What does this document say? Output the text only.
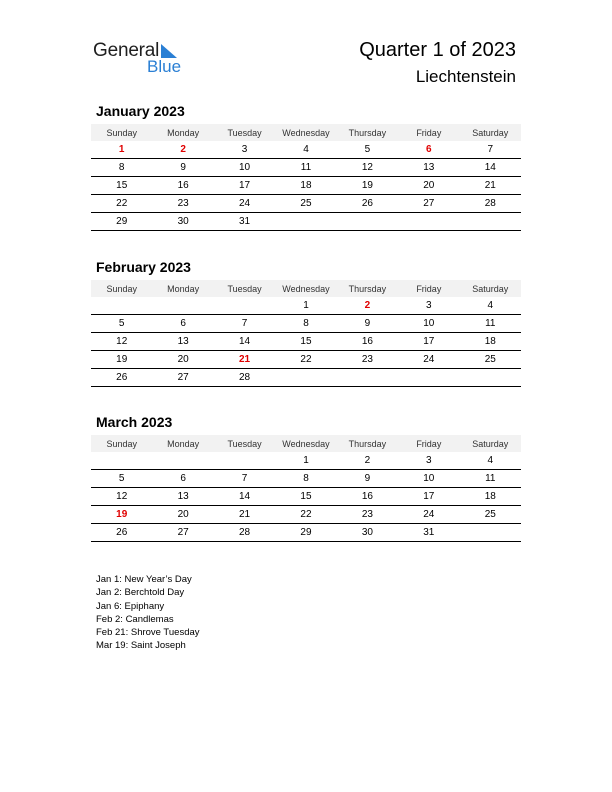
General
Blue
Quarter 1 of 2023
Liechtenstein
January 2023
Sunday	Monday	Tuesday	Wednesday	Thursday	Friday	Saturday
1	2	3	4	5	6	7
8	9	10	11	12	13	14
15	16	17	18	19	20	21
22	23	24	25	26	27	28
29	30	31				
February 2023
Sunday	Monday	Tuesday	Wednesday	Thursday	Friday	Saturday
			1	2	3	4
5	6	7	8	9	10	11
12	13	14	15	16	17	18
19	20	21	22	23	24	25
26	27	28				
March 2023
Sunday	Monday	Tuesday	Wednesday	Thursday	Friday	Saturday
			1	2	3	4
5	6	7	8	9	10	11
12	13	14	15	16	17	18
19	20	21	22	23	24	25
26	27	28	29	30	31	
Jan 1: New Year’s Day
Jan 2: Berchtold Day
Jan 6: Epiphany
Feb 2: Candlemas
Feb 21: Shrove Tuesday
Mar 19: Saint Joseph
